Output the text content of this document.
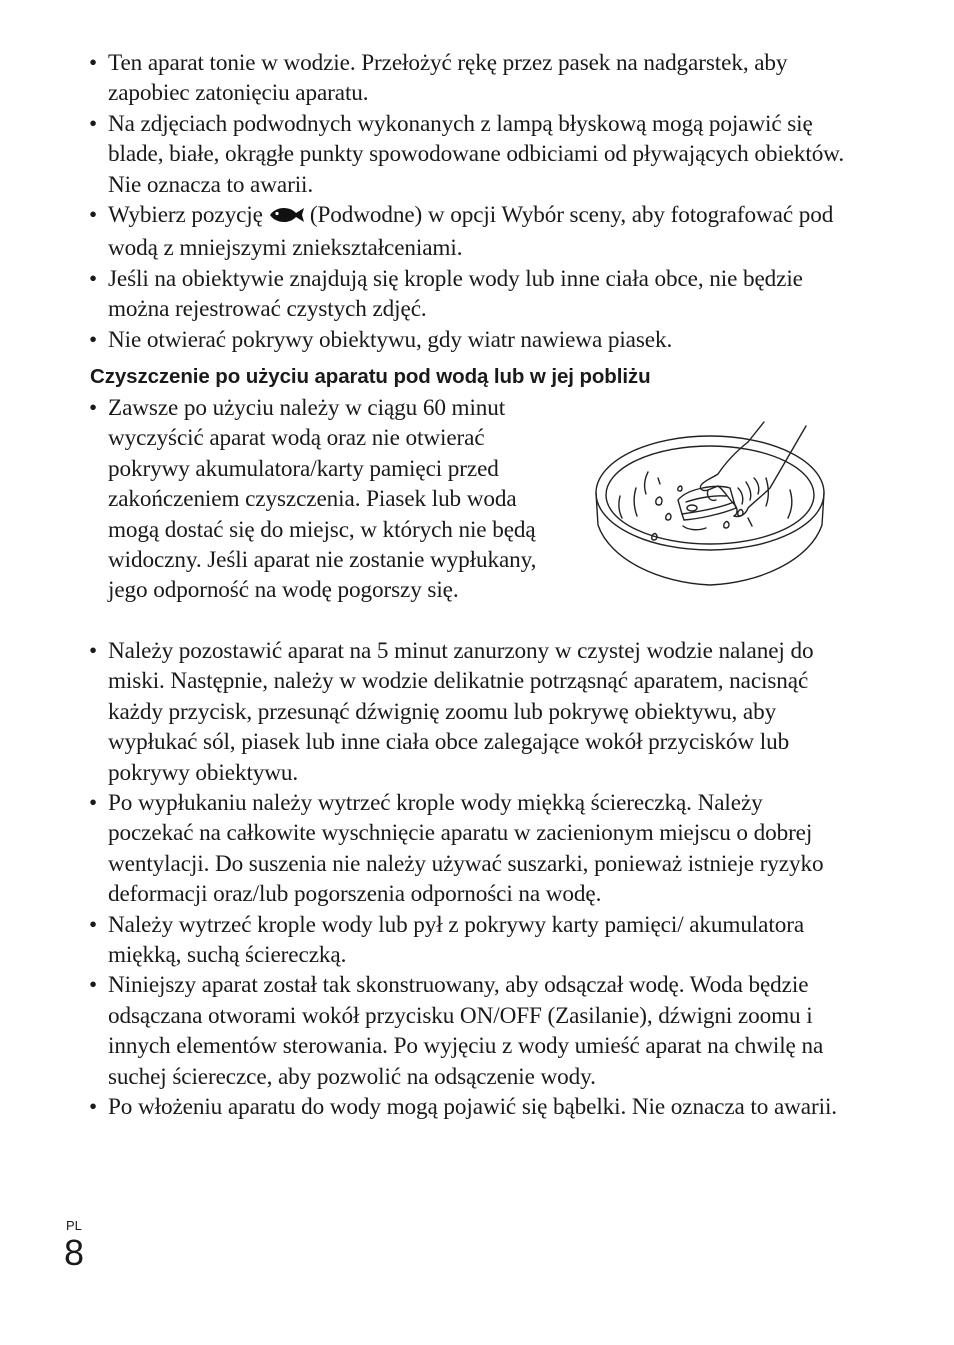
• Ten aparat tonie w wodzie. Przełożyć rękę przez pasek na nadgarstek, aby zapobiec zatonięciu aparatu.
• Na zdjęciach podwodnych wykonanych z lampą błyskową mogą pojawić się blade, białe, okrągłe punkty spowodowane odbiciami od pływających obiektów. Nie oznacza to awarii.
• Wybierz pozycję (Podwodne) w opcji Wybór sceny, aby fotografować pod wodą z mniejszymi zniekształceniami.
• Jeśli na obiektywie znajdują się krople wody lub inne ciała obce, nie będzie można rejestrować czystych zdjęć.
• Nie otwierać pokrywy obiektywu, gdy wiatr nawiewa piasek.
Czyszczenie po użyciu aparatu pod wodą lub w jej pobliżu
• Zawsze po użyciu należy w ciągu 60 minut wyczyścić aparat wodą oraz nie otwierać pokrywy akumulatora/karty pamięci przed zakończeniem czyszczenia. Piasek lub woda mogą dostać się do miejsc, w których nie będą widoczny. Jeśli aparat nie zostanie wypłukany, jego odporność na wodę pogorszy się.
• Należy pozostawić aparat na 5 minut zanurzony w czystej wodzie nalanej do miski. Następnie, należy w wodzie delikatnie potrząsnąć aparatem, nacisnąć każdy przycisk, przesunąć dźwignię zoomu lub pokrywę obiektywu, aby wypłukać sól, piasek lub inne ciała obce zalegające wokół przycisków lub pokrywy obiektywu.
• Po wypłukaniu należy wytrzeć krople wody miękką ściereczką. Należy poczekać na całkowite wyschnięcie aparatu w zacienionym miejscu o dobrej wentylacji. Do suszenia nie należy używać suszarki, ponieważ istnieje ryzyko deformacji oraz/lub pogorszenia odporności na wodę.
• Należy wytrzeć krople wody lub pył z pokrywy karty pamięci/ akumulatora miękką, suchą ściereczką.
• Niniejszy aparat został tak skonstruowany, aby odsączał wodę. Woda będzie odsączana otworami wokół przycisku ON/OFF (Zasilanie), dźwigni zoomu i innych elementów sterowania. Po wyjęciu z wody umieść aparat na chwilę na suchej ściereczce, aby pozwolić na odsączenie wody.
• Po włożeniu aparatu do wody mogą pojawić się bąbelki. Nie oznacza to awarii.
PL
8
